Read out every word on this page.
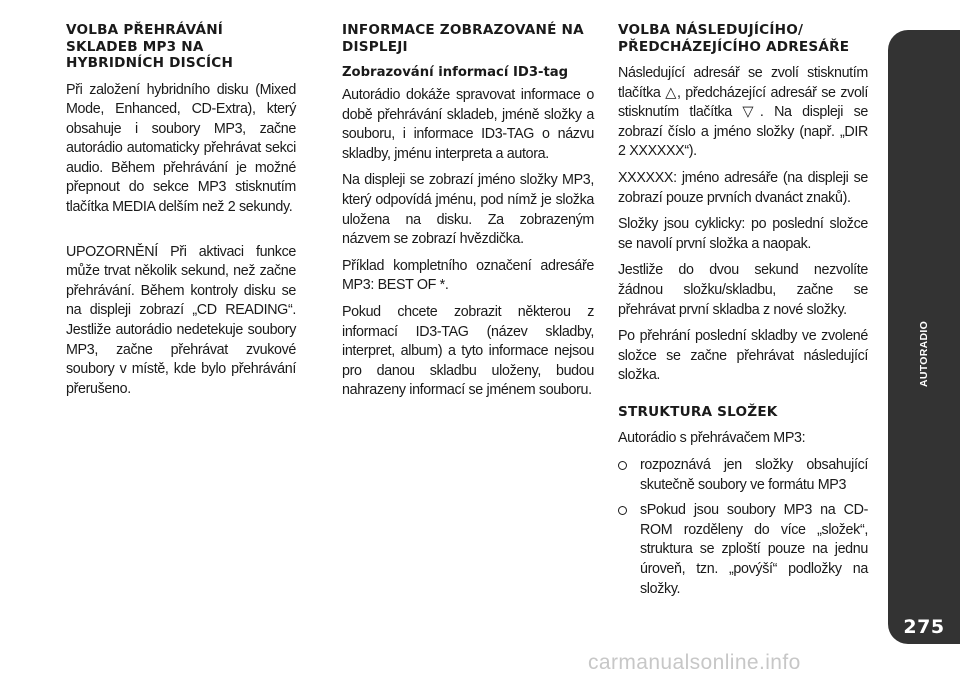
VOLBA PŘEHRÁVÁNÍ SKLADEB MP3 NA HYBRIDNÍCH DISCÍCH

Při založení hybridního disku (Mixed Mode, Enhanced, CD-Extra), který obsahuje i soubory MP3, začne autorádio automaticky přehrávat sekci audio. Během přehrávání je možné přepnout do sekce MP3 stisknutím tlačítka MEDIA delším než 2 sekundy.

UPOZORNĚNÍ Při aktivaci funkce může trvat několik sekund, než začne přehrávání. Během kontroly disku se na displeji zobrazí „CD READING“. Jestliže autorádio nedetekuje soubory MP3, začne přehrávat zvukové soubory v místě, kde bylo přehrávání přerušeno.

INFORMACE ZOBRAZOVANÉ NA DISPLEJI
Zobrazování informací ID3-tag

Autorádio dokáže spravovat informace o době přehrávání skladeb, jméně složky a souboru, i informace ID3-TAG o názvu skladby, jménu interpreta a autora.

Na displeji se zobrazí jméno složky MP3, který odpovídá jménu, pod nímž je složka uložena na disku. Za zobrazeným názvem se zobrazí hvězdička.

Příklad kompletního označení adresáře MP3: BEST OF *.

Pokud chcete zobrazit některou z informací ID3-TAG (název skladby, interpret, album) a tyto informace nejsou pro danou skladbu uloženy, budou nahrazeny informací se jménem souboru.

VOLBA NÁSLEDUJÍCÍHO/ PŘEDCHÁZEJÍCÍHO ADRESÁŘE

Následující adresář se zvolí stisknutím tlačítka △, předcházející adresář se zvolí stisknutím tlačítka ▽. Na displeji se zobrazí číslo a jméno složky (např. „DIR 2 XXXXXX“).

XXXXXX: jméno adresáře (na displeji se zobrazí pouze prvních dvanáct znaků).

Složky jsou cyklicky: po poslední složce se navolí první složka a naopak.

Jestliže do dvou sekund nezvolíte žádnou složku/skladbu, začne se přehrávat první skladba z nové složky.

Po přehrání poslední skladby ve zvolené složce se začne přehrávat následující složka.

STRUKTURA SLOŽEK

Autorádio s přehrávačem MP3:

rozpoznává jen složky obsahující skutečně soubory ve formátu MP3
sPokud jsou soubory MP3 na CD-ROM rozděleny do více „složek“, struktura se zploští pouze na jednu úroveň, tzn. „povýší“ podložky na složky.
AUTORADIO
275
carmanualsonline.info
